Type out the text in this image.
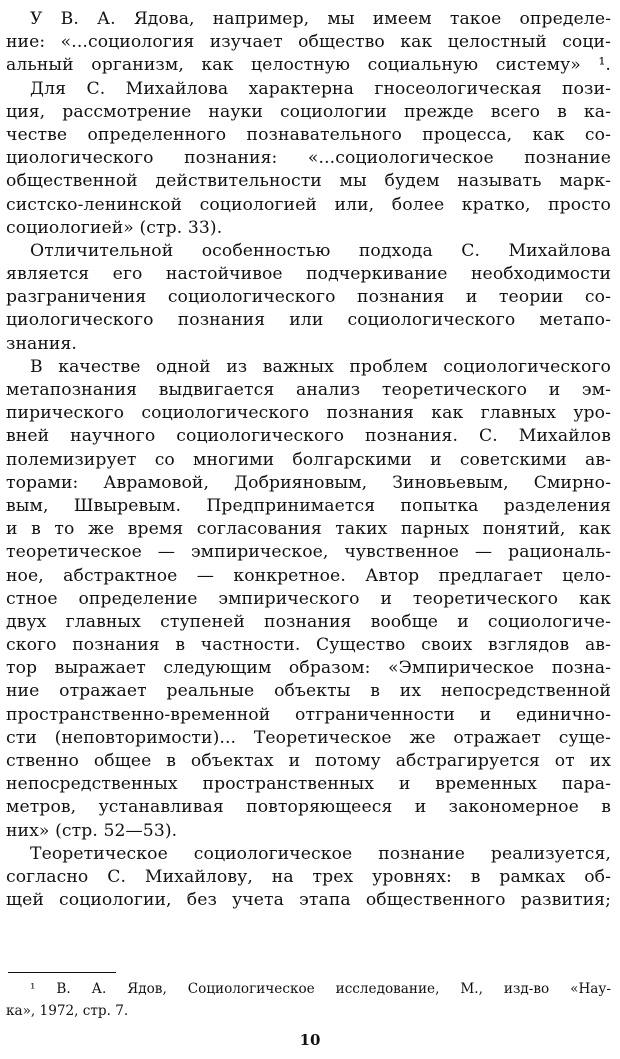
У В. А. Ядова, например, мы имеем такое определе-
ние: «...социология изучает общество как целостный соци-
альный организм, как целостную социальную систему» ¹.
Для С. Михайлова характерна гносеологическая пози-
ция, рассмотрение науки социологии прежде всего в ка-
честве определенного познавательного процесса, как со-
циологического познания: «...социологическое познание
общественной действительности мы будем называть марк-
систско-ленинской социологией или, более кратко, просто
социологией» (стр. 33).
Отличительной особенностью подхода С. Михайлова
является его настойчивое подчеркивание необходимости
разграничения социологического познания и теории со-
циологического познания или социологического метапо-
знания.
В качестве одной из важных проблем социологического
метапознания выдвигается анализ теоретического и эм-
пирического социологического познания как главных уро-
вней научного социологического познания. С. Михайлов
полемизирует со многими болгарскими и советскими ав-
торами: Аврамовой, Добрияновым, Зиновьевым, Смирно-
вым, Швыревым. Предпринимается попытка разделения
и в то же время согласования таких парных понятий, как
теоретическое — эмпирическое, чувственное — рациональ-
ное, абстрактное — конкретное. Автор предлагает цело-
стное определение эмпирического и теоретического как
двух главных ступеней познания вообще и социологиче-
ского познания в частности. Существо своих взглядов ав-
тор выражает следующим образом: «Эмпирическое позна-
ние отражает реальные объекты в их непосредственной
пространственно-временной отграниченности и единичнo-
сти (неповторимости)... Теоретическое же отражает суще-
ственно общее в объектах и потому абстрагируется от их
непосредственных пространственных и временных пара-
метров, устанавливая повторяющееся и закономерное в
них» (стр. 52—53).
Теоретическое социологическое познание реализуется,
согласно С. Михайлову, на трех уровнях: в рамках об-
щей социологии, без учета этапа общественного развития;
¹ В. А. Ядов, Социологическое исследование, М., изд-во «Нау-
ка», 1972, стр. 7.
10
